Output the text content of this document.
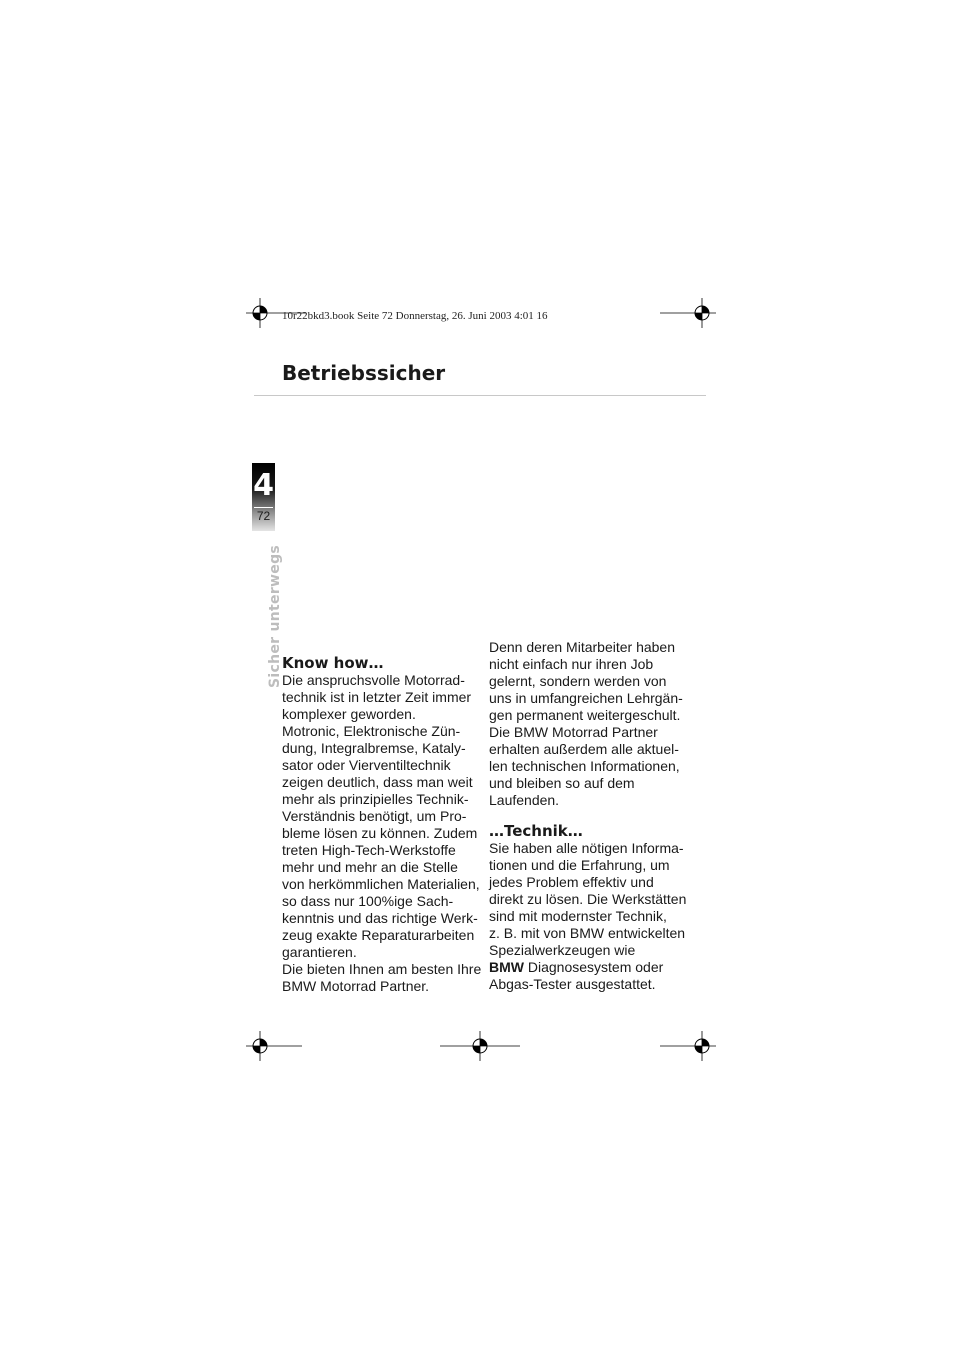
10r22bkd3.book Seite 72 Donnerstag, 26. Juni 2003 4:01 16
Betriebssicher
4
72
Sicher unterwegs Know how…

Die anspruchsvolle Motorrad-

technik ist in letzter Zeit immer

komplexer geworden.

Motronic, Elektronische Zün-

dung, Integralbremse, Kataly-

sator oder Vierventiltechnik

zeigen deutlich, dass man weit

mehr als prinzipielles Technik-

Verständnis benötigt, um Pro-

bleme lösen zu können. Zudem

treten High-Tech-Werkstoffe

mehr und mehr an die Stelle

von herkömmlichen Materialien,

so dass nur 100%ige Sach-

kenntnis und das richtige Werk-

zeug exakte Reparaturarbeiten

garantieren.

Die bieten Ihnen am besten Ihre

BMW Motorrad Partner.

Denn deren Mitarbeiter haben

nicht einfach nur ihren Job

gelernt, sondern werden von

uns in umfangreichen Lehrgän-

gen permanent weitergeschult.

Die BMW Motorrad Partner

erhalten außerdem alle aktuel-

len technischen Informationen,

und bleiben so auf dem

Laufenden.

…Technik…

Sie haben alle nötigen Informa-

tionen und die Erfahrung, um

jedes Problem effektiv und

direkt zu lösen. Die Werkstätten

sind mit modernster Technik,

z. B. mit von BMW entwickelten

Spezialwerkzeugen wie

BMW Diagnosesystem oder

Abgas-Tester ausgestattet.
